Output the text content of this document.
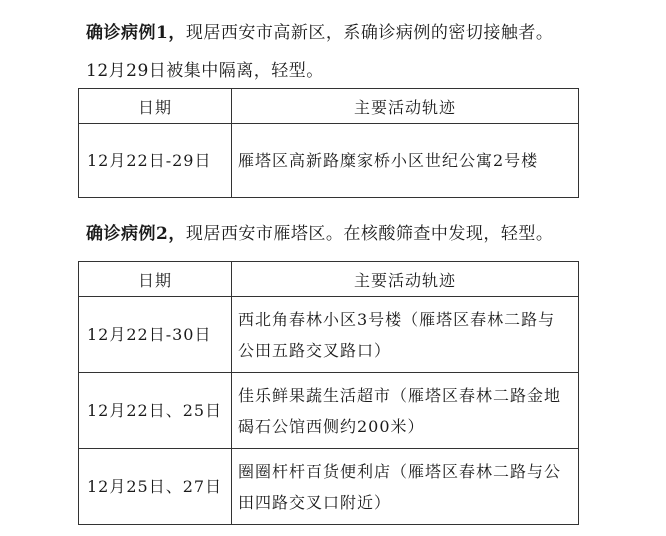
确诊病例1，现居西安市高新区，系确诊病例的密切接触者。
12月29日被集中隔离，轻型。
日期	主要活动轨迹

12月22日-29日	雁塔区高新路糜家桥小区世纪公寓2号楼
确诊病例2，现居西安市雁塔区。在核酸筛查中发现，轻型。
日期	主要活动轨迹

12月22日-30日	西北角春林小区3号楼（雁塔区春林二路与公田五路交叉路口）

12月22日、25日	佳乐鲜果蔬生活超市（雁塔区春林二路金地碣石公馆西侧约200米）

12月25日、27日	圈圈杆杆百货便利店（雁塔区春林二路与公田四路交叉口附近）
